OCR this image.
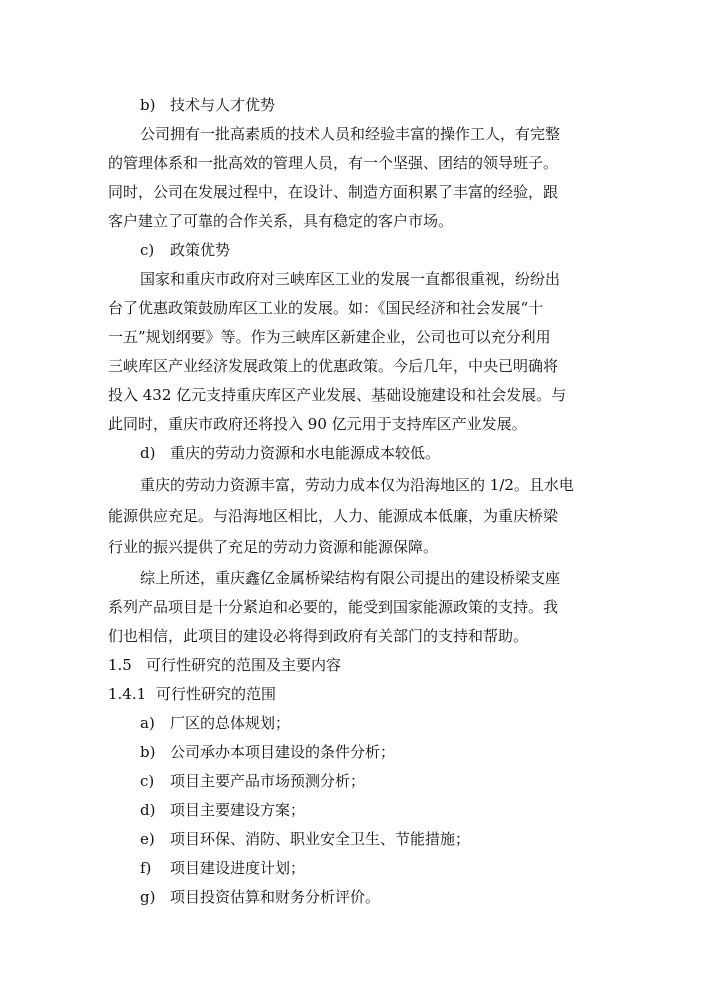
b) 技术与人才优势
公司拥有一批高素质的技术人员和经验丰富的操作工人，有完整
的管理体系和一批高效的管理人员，有一个坚强、团结的领导班子。
同时，公司在发展过程中，在设计、制造方面积累了丰富的经验，跟
客户建立了可靠的合作关系，具有稳定的客户市场。
c) 政策优势
国家和重庆市政府对三峡库区工业的发展一直都很重视，纷纷出
台了优惠政策鼓励库区工业的发展。如：《国民经济和社会发展“十
一五”规划纲要》等。作为三峡库区新建企业，公司也可以充分利用
三峡库区产业经济发展政策上的优惠政策。今后几年，中央已明确将
投入 432 亿元支持重庆库区产业发展、基础设施建设和社会发展。与
此同时，重庆市政府还将投入 90 亿元用于支持库区产业发展。
d) 重庆的劳动力资源和水电能源成本较低。
重庆的劳动力资源丰富，劳动力成本仅为沿海地区的 1/2。且水电
能源供应充足。与沿海地区相比，人力、能源成本低廉，为重庆桥梁
行业的振兴提供了充足的劳动力资源和能源保障。
综上所述，重庆鑫亿金属桥梁结构有限公司提出的建设桥梁支座
系列产品项目是十分紧迫和必要的，能受到国家能源政策的支持。我
们也相信，此项目的建设必将得到政府有关部门的支持和帮助。
1.5 可行性研究的范围及主要内容
1.4.1 可行性研究的范围
a) 厂区的总体规划；
b) 公司承办本项目建设的条件分析；
c) 项目主要产品市场预测分析；
d) 项目主要建设方案；
e) 项目环保、消防、职业安全卫生、节能措施；
f) 项目建设进度计划；
g) 项目投资估算和财务分析评价。
